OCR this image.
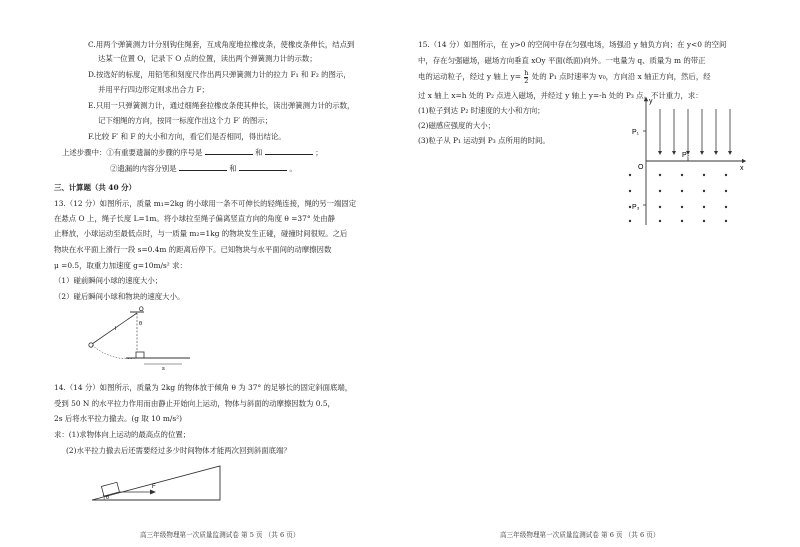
C.用两个弹簧测力计分别钩住绳套，互成角度地拉橡皮条，使橡皮条伸长，结点到

达某一位置 O，记录下 O 点的位置，读出两个弹簧测力计的示数；

D.按选好的标度，用铅笔和刻度尺作出两只弹簧测力计的拉力 F₁ 和 F₂ 的图示，

并用平行四边形定则求出合力 F；

E.只用一只弹簧测力计，通过细绳套拉橡皮条使其伸长，读出弹簧测力计的示数，

记下细绳的方向，按同一标度作出这个力 F′ 的图示；

F.比较 F′ 和 F 的大小和方向，看它们是否相同，得出结论。

上述步骤中：①有重要遗漏的步骤的序号是	和	；
②遗漏的内容分别是	和	。

三、计算题（共 40 分）

13.（12 分）如图所示，质量 m₁=2kg 的小球用一条不可伸长的轻绳连接，绳的另一端固定

在悬点 O 上，绳子长度 L=1m。将小球拉至绳子偏离竖直方向的角度 θ =37° 处由静

止释放，小球运动至最低点时，与一质量 m₂=1kg 的物块发生正碰，碰撞时间很短。之后

物块在水平面上滑行一段 s=0.4m 的距离后停下。已知物块与水平面间的动摩擦因数

μ =0.5，取重力加速度 g=10m/s² 求：

（1）碰前瞬间小球的速度大小；

（2）碰后瞬间小球和物块的速度大小。

O
θ
l
s

14.（14 分）如图所示，质量为 2kg 的物体放于倾角 θ 为 37° 的足够长的固定斜面底端，

受到 50 N 的水平拉力作用而由静止开始向上运动，物体与斜面的动摩擦因数为 0.5，

2s 后将水平拉力撤去。(g 取 10 m/s²)

求：(1)求物体向上运动的最高点的位置；

(2)水平拉力撤去后还需要经过多少时间物体才能两次回到斜面底端？

F
θ

高三年级物理第一次质量监测试卷 第 5 页 （共 6 页）

15.（14 分）如图所示，在 y>0 的空间中存在匀强电场，场强沿 y 轴负方向；在 y<0 的空间

中，存在匀强磁场，磁场方向垂直 xOy 平面(纸面)向外。一电量为 q、质量为 m 的带正

电的运动粒子，经过 y 轴上 $y= \frac{h}{2}$ 处的 P₁ 点时速率为 v₀，方向沿 x 轴正方向，然后，经

过 x 轴上 x=h 处的 P₂ 点进入磁场，并经过 y 轴上 y=-h 处的 P₃ 点。不计重力，求：

(1)粒子到达 P₂ 时速度的大小和方向；

(2)磁感应强度的大小；

(3)粒子从 P₁ 运动到 P₃ 点所用的时间。

y
x
O
P₁
P₂
P₃

高三年级物理第一次质量监测试卷 第 6 页 （共 6 页）
